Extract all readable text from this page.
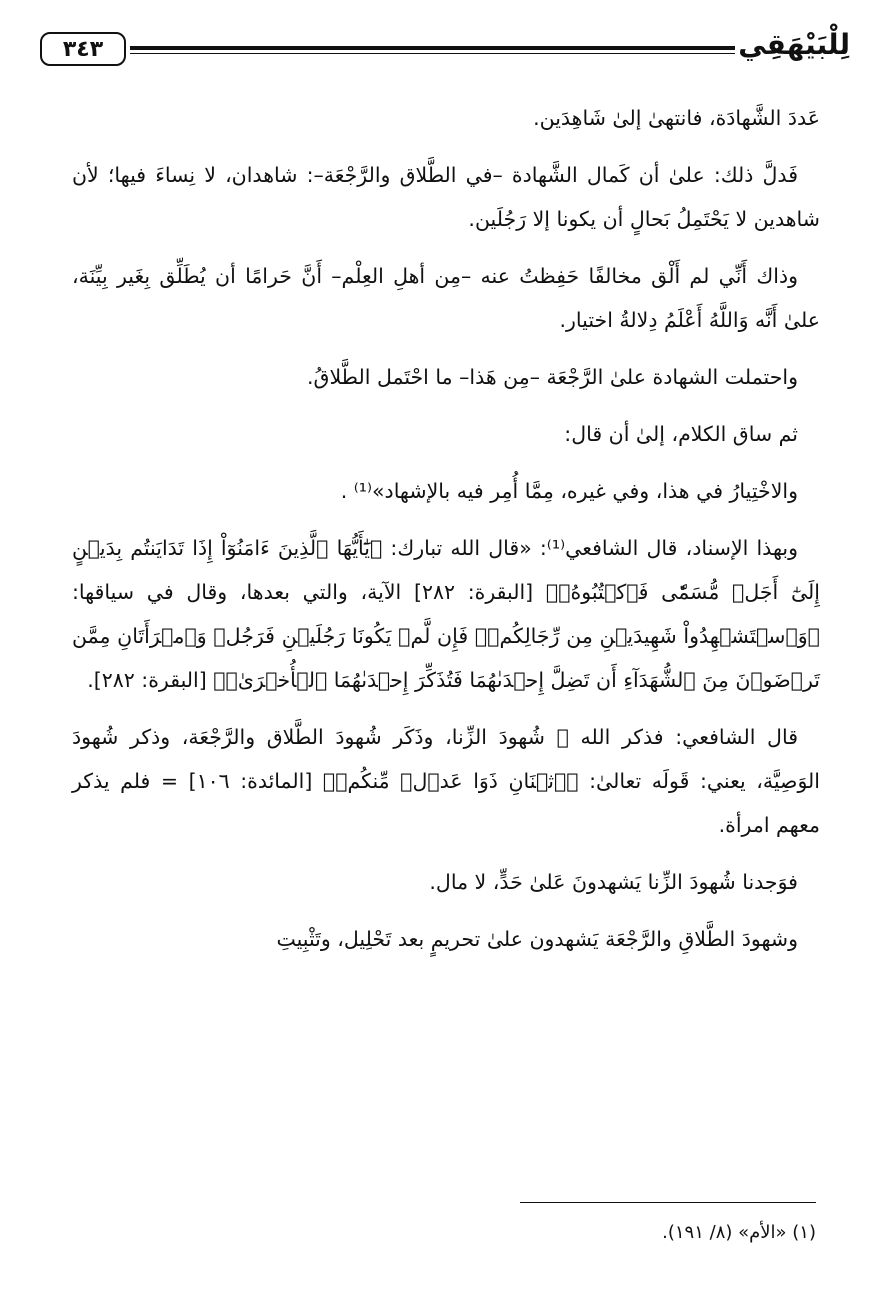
٣٤٣	لِلْبَيْهَقِي

عَددَ الشَّهادَة، فانتهىٰ إلىٰ شَاهِدَين.

فَدلَّ ذلك: علىٰ أن كَمال الشَّهادة –في الطَّلاق والرَّجْعَة–: شاهدان، لا نِساءَ فيها؛ لأن شاهدين لا يَحْتَمِلُ بَحالٍ أن يكونا إلا رَجُلَين.

وذاك أَنِّي لم أَلْق مخالفًا حَفِظتُ عنه –مِن أهلِ العِلْم– أَنَّ حَرامًا أن يُطَلِّق بِغَير بِيِّنَة، علىٰ أَنَّه وَاللَّهُ أَعْلَمُ دِلالةُ اختيار.

واحتملت الشهادة علىٰ الرَّجْعَة –مِن هَذا– ما احْتَمل الطَّلاقُ.

ثم ساق الكلام، إلىٰ أن قال:

والاخْتِيارُ في هذا، وفي غيره، مِمَّا أُمِر فيه بالإشهاد»⁽¹⁾ .

وبهذا الإسناد، قال الشافعي⁽¹⁾: «قال الله تبارك: ﴿يَٰٓأَيُّهَا ٱلَّذِينَ ءَامَنُوٓاْ إِذَا تَدَايَنتُم بِدَيۡنٍ إِلَىٰٓ أَجَلٖ مُّسَمّٗى فَٱكۡتُبُوهُۚ﴾ [البقرة: ٢٨٢] الآية، والتي بعدها، وقال في سياقها: ﴿وَٱسۡتَشۡهِدُواْ شَهِيدَيۡنِ مِن رِّجَالِكُمۡۖ فَإِن لَّمۡ يَكُونَا رَجُلَيۡنِ فَرَجُلٞ وَٱمۡرَأَتَانِ مِمَّن تَرۡضَوۡنَ مِنَ ٱلشُّهَدَآءِ أَن تَضِلَّ إِحۡدَىٰهُمَا فَتُذَكِّرَ إِحۡدَىٰهُمَا ٱلۡأُخۡرَىٰۚ﴾ [البقرة: ٢٨٢].

قال الشافعي: فذكر الله ﷻ شُهودَ الزِّنا، وذَكَر شُهودَ الطَّلاق والرَّجْعَة، وذكر شُهودَ الوَصِيَّة، يعني: قَولَه تعالىٰ: ﴿ٱثۡنَانِ ذَوَا عَدۡلٖ مِّنكُمۡ﴾ [المائدة: ١٠٦] = فلم يذكر معهم امرأة.

فوَجدنا شُهودَ الزِّنا يَشهدونَ عَلىٰ حَدٍّ، لا مال.

وشهودَ الطَّلاقِ والرَّجْعَة يَشهدون علىٰ تحريمٍ بعد تَحْلِيل، وتَثْبِيتِ

(١) «الأم» (٨/ ١٩١).
